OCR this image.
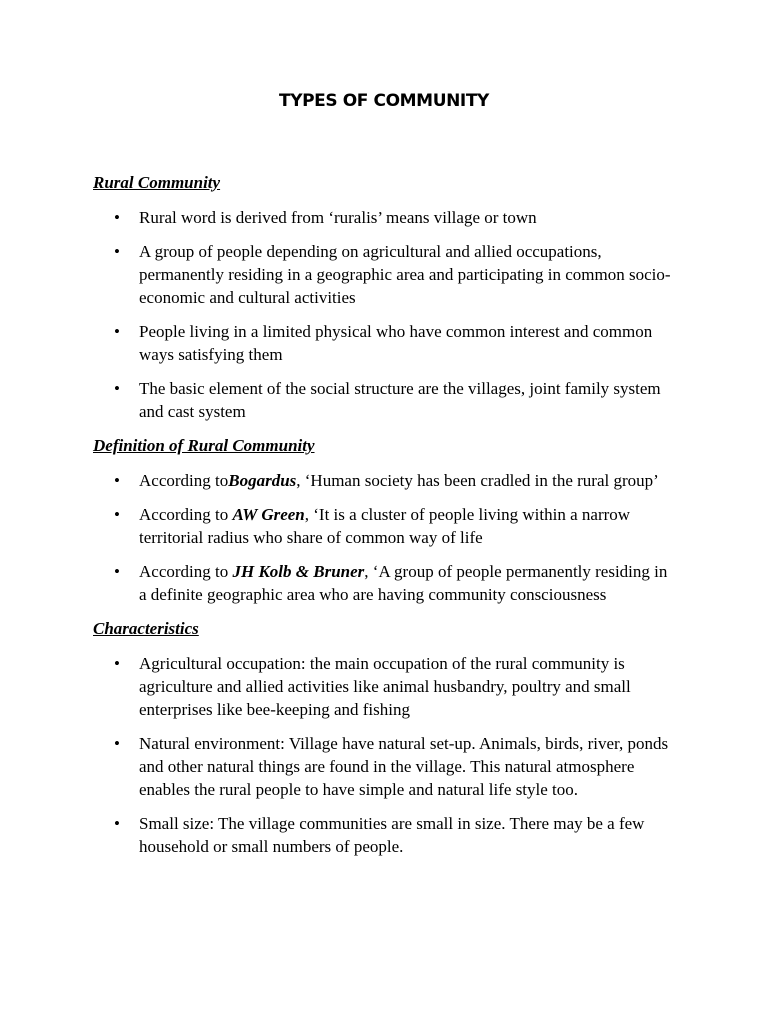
TYPES OF COMMUNITY
Rural Community
• Rural word is derived from ‘ruralis’ means village or town
• A group of people depending on agricultural and allied occupations, permanently residing in a geographic area and participating in common socio-economic and cultural activities
• People living in a limited physical who have common interest and common ways satisfying them
• The basic element of the social structure are the villages, joint family system and cast system
Definition of Rural Community
• According toBogardus, ‘Human society has been cradled in the rural group’
• According to AW Green, ‘It is a cluster of people living within a narrow territorial radius who share of common way of life
• According to JH Kolb & Bruner, ‘A group of people permanently residing in a definite geographic area who are having community consciousness
Characteristics
• Agricultural occupation: the main occupation of the rural community is agriculture and allied activities like animal husbandry, poultry and small enterprises like bee-keeping and fishing
• Natural environment: Village have natural set-up. Animals, birds, river, ponds and other natural things are found in the village. This natural atmosphere enables the rural people to have simple and natural life style too.
• Small size: The village communities are small in size. There may be a few household or small numbers of people.
